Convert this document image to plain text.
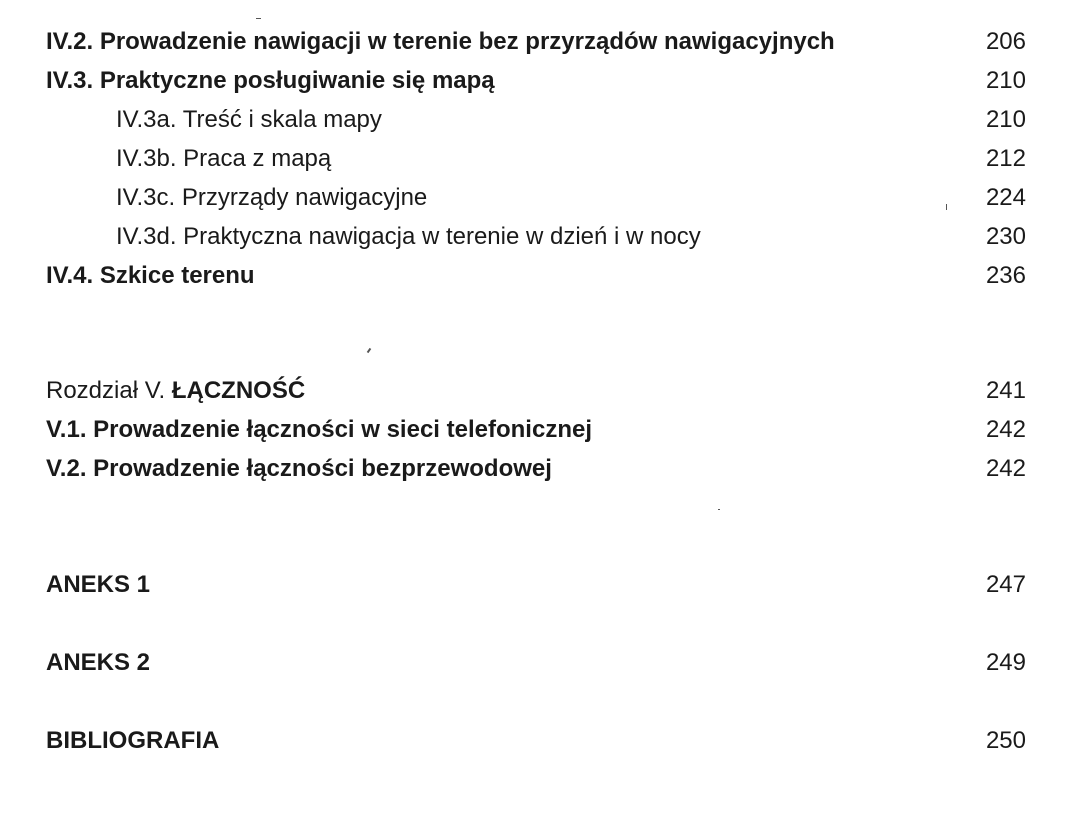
IV.2. Prowadzenie nawigacji w terenie bez przyrządów nawigacyjnych	206
IV.3. Praktyczne posługiwanie się mapą	210
IV.3a. Treść i skala mapy	210
IV.3b. Praca z mapą	212
IV.3c. Przyrządy nawigacyjne	224
IV.3d. Praktyczna nawigacja w terenie w dzień i w nocy	230
IV.4. Szkice terenu	236
Rozdział V. ŁĄCZNOŚĆ	241
V.1. Prowadzenie łączności w sieci telefonicznej	242
V.2. Prowadzenie łączności bezprzewodowej	242
ANEKS 1	247
ANEKS 2	249
BIBLIOGRAFIA	250
